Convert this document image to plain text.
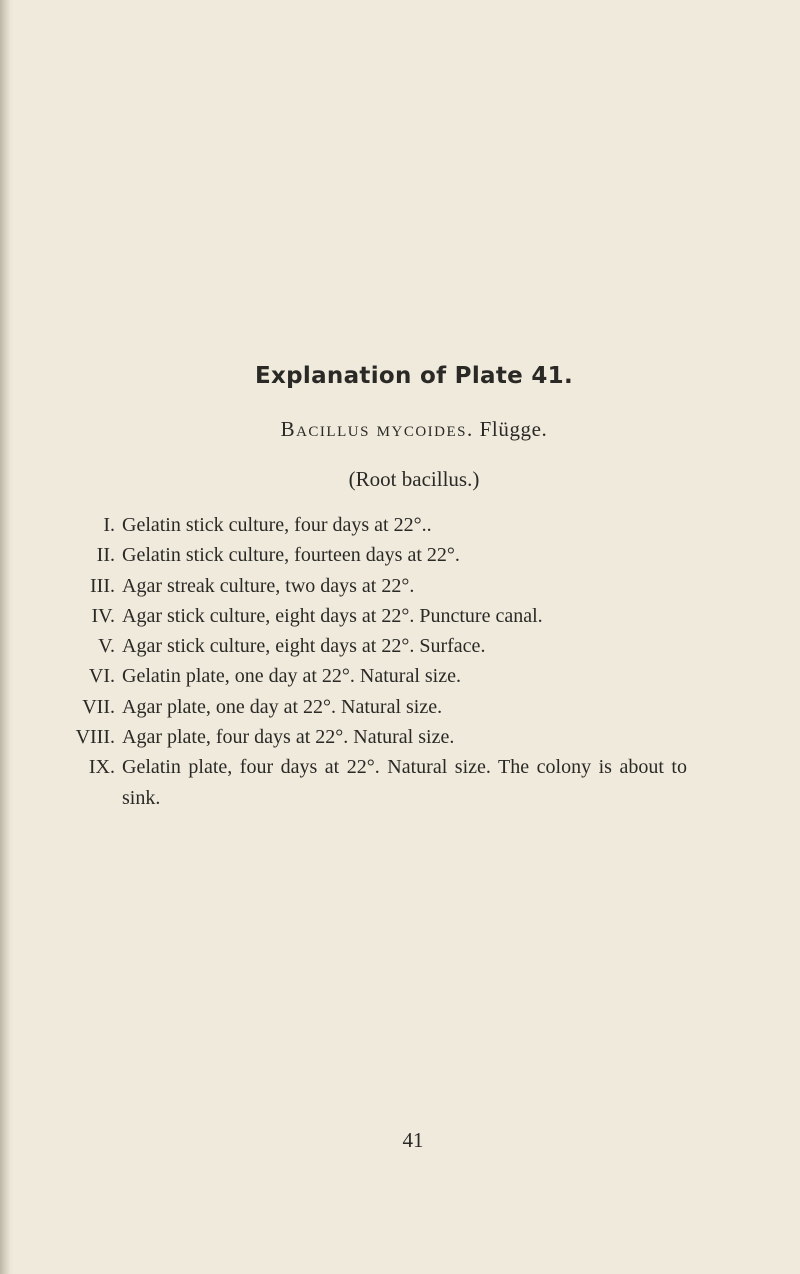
Explanation of Plate 41.
Bacillus mycoides. Flügge.
(Root bacillus.)
I. Gelatin stick culture, four days at 22°..
II. Gelatin stick culture, fourteen days at 22°.
III. Agar streak culture, two days at 22°.
IV. Agar stick culture, eight days at 22°. Puncture canal.
V. Agar stick culture, eight days at 22°. Surface.
VI. Gelatin plate, one day at 22°. Natural size.
VII. Agar plate, one day at 22°. Natural size.
VIII. Agar plate, four days at 22°. Natural size.
IX. Gelatin plate, four days at 22°. Natural size. The colony is about to sink.
41
